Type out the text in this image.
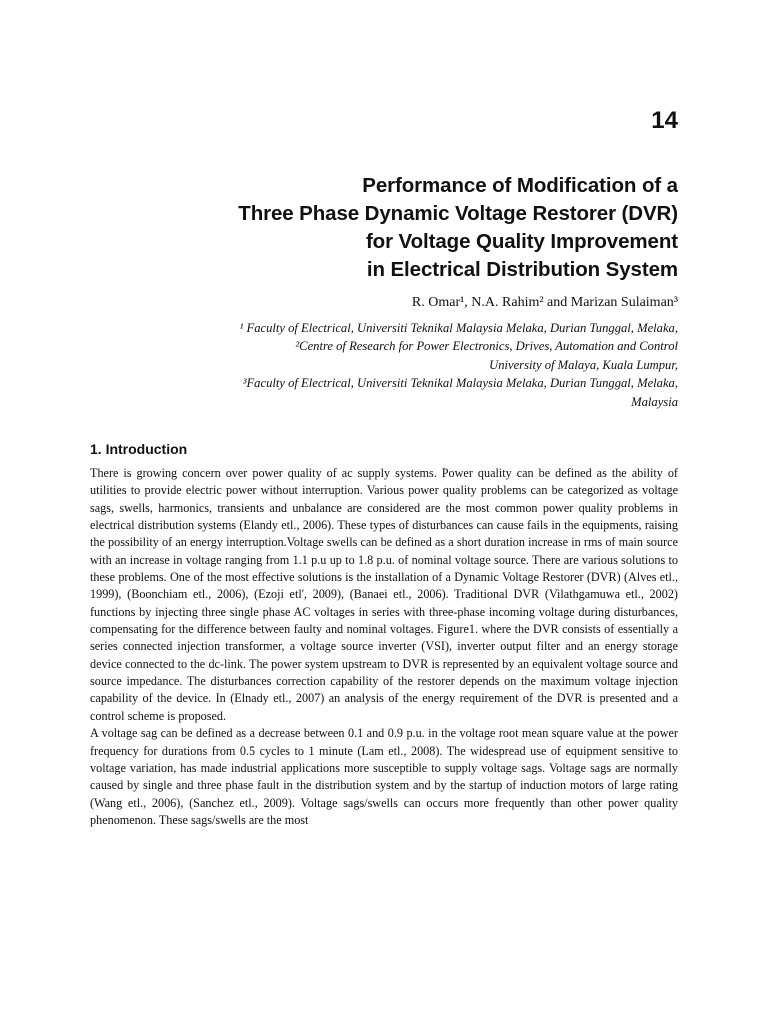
14
Performance of Modification of a
Three Phase Dynamic Voltage Restorer (DVR)
for Voltage Quality Improvement
in Electrical Distribution System
R. Omar¹, N.A. Rahim² and Marizan Sulaiman³
¹ Faculty of Electrical, Universiti Teknikal Malaysia Melaka, Durian Tunggal, Melaka,
²Centre of Research for Power Electronics, Drives, Automation and Control
University of Malaya, Kuala Lumpur,
³Faculty of Electrical, Universiti Teknikal Malaysia Melaka, Durian Tunggal, Melaka,
Malaysia
1. Introduction

There is growing concern over power quality of ac supply systems. Power quality can be defined as the ability of utilities to provide electric power without interruption. Various power quality problems can be categorized as voltage sags, swells, harmonics, transients and unbalance are considered are the most common power quality problems in electrical distribution systems (Elandy etl., 2006). These types of disturbances can cause fails in the equipments, raising the possibility of an energy interruption.Voltage swells can be defined as a short duration increase in rms of main source with an increase in voltage ranging from 1.1 p.u up to 1.8 p.u. of nominal voltage source. There are various solutions to these problems. One of the most effective solutions is the installation of a Dynamic Voltage Restorer (DVR) (Alves etl., 1999), (Boonchiam etl., 2006), (Ezoji etl', 2009), (Banaei etl., 2006). Traditional DVR (Vilathgamuwa etl., 2002) functions by injecting three single phase AC voltages in series with three-phase incoming voltage during disturbances, compensating for the difference between faulty and nominal voltages. Figure1. where the DVR consists of essentially a series connected injection transformer, a voltage source inverter (VSI), inverter output filter and an energy storage device connected to the dc-link. The power system upstream to DVR is represented by an equivalent voltage source and source impedance. The disturbances correction capability of the restorer depends on the maximum voltage injection capability of the device. In (Elnady etl., 2007) an analysis of the energy requirement of the DVR is presented and a control scheme is proposed.

A voltage sag can be defined as a decrease between 0.1 and 0.9 p.u. in the voltage root mean square value at the power frequency for durations from 0.5 cycles to 1 minute (Lam etl., 2008). The widespread use of equipment sensitive to voltage variation, has made industrial applications more susceptible to supply voltage sags. Voltage sags are normally caused by single and three phase fault in the distribution system and by the startup of induction motors of large rating (Wang etl., 2006), (Sanchez etl., 2009). Voltage sags/swells can occurs more frequently than other power quality phenomenon. These sags/swells are the most
